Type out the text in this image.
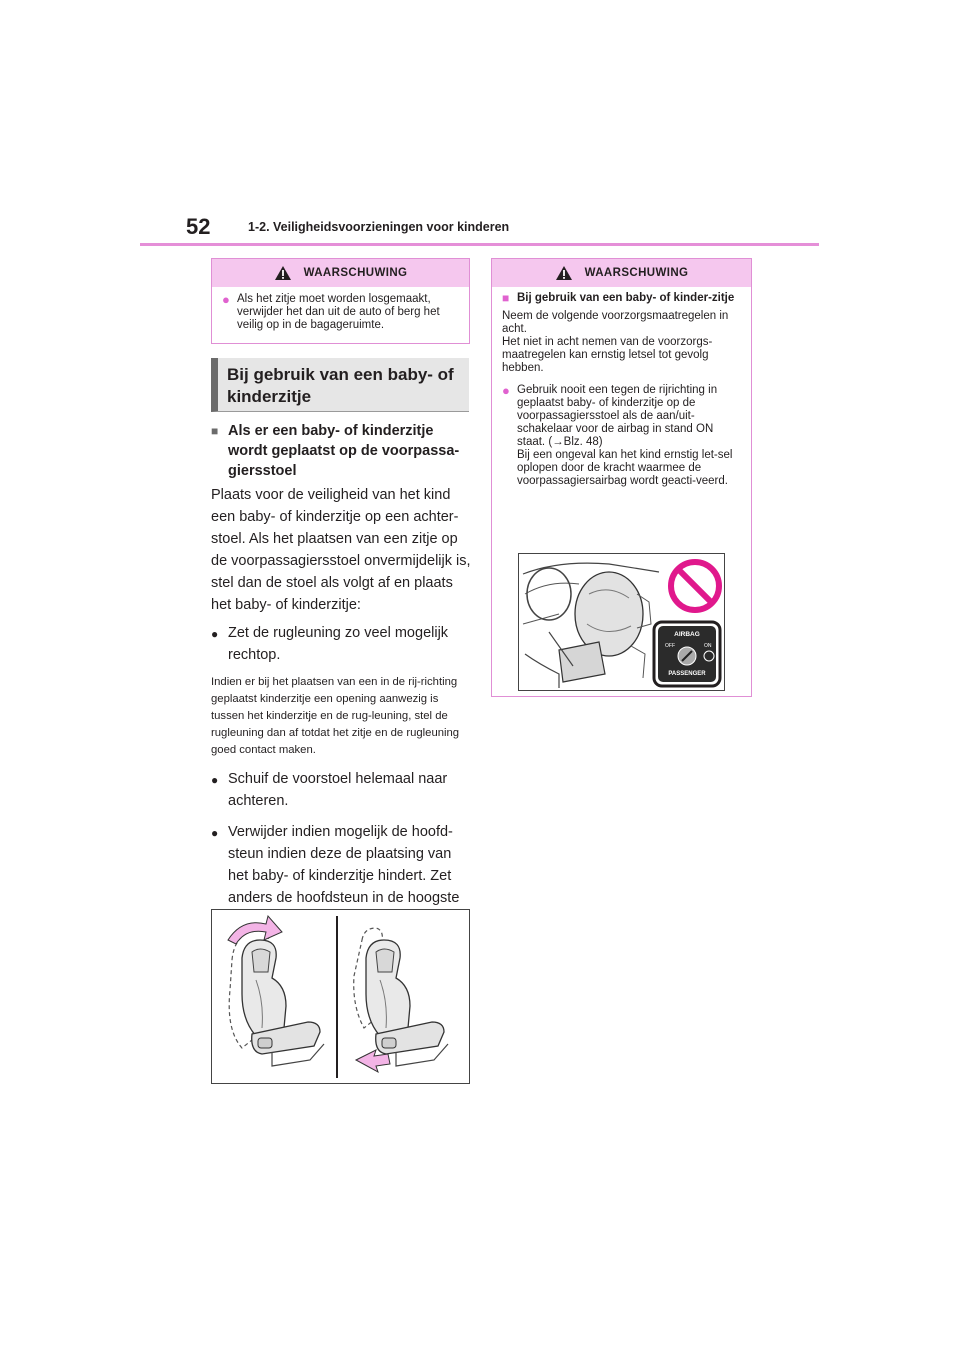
52	1-2. Veiligheidsvoorzieningen voor kinderen
WAARSCHUWING
● Als het zitje moet worden losgemaakt, verwijder het dan uit de auto of berg het veilig op in de bagageruimte.
Bij gebruik van een baby- of
kinderzitje
■ Als er een baby- of kinderzitje wordt geplaatst op de voorpassa-giersstoel
Plaats voor de veiligheid van het kind een baby- of kinderzitje op een achter-stoel. Als het plaatsen van een zitje op de voorpassagiersstoel onvermijdelijk is, stel dan de stoel als volgt af en plaats het baby- of kinderzitje:
● Zet de rugleuning zo veel mogelijk rechtop.
Indien er bij het plaatsen van een in de rij-richting geplaatst kinderzitje een opening aanwezig is tussen het kinderzitje en de rug-leuning, stel de rugleuning dan af totdat het zitje en de rugleuning goed contact maken.
● Schuif de voorstoel helemaal naar achteren.
● Verwijder indien mogelijk de hoofd-steun indien deze de plaatsing van het baby- of kinderzitje hindert. Zet anders de hoofdsteun in de hoogste
WAARSCHUWING
■ Bij gebruik van een baby- of kinder-zitje
Neem de volgende voorzorgsmaatregelen in acht.
Het niet in acht nemen van de voorzorgs-maatregelen kan ernstig letsel tot gevolg hebben.
● Gebruik nooit een tegen de rijrichting in geplaatst baby- of kinderzitje op de voorpassagiersstoel als de aan/uit-schakelaar voor de airbag in stand ON staat. (→Blz. 48)
Bij een ongeval kan het kind ernstig let-sel oplopen door de kracht waarmee de voorpassagiersairbag wordt geacti-veerd.
AIRBAG
OFF	ON
PASSENGER
